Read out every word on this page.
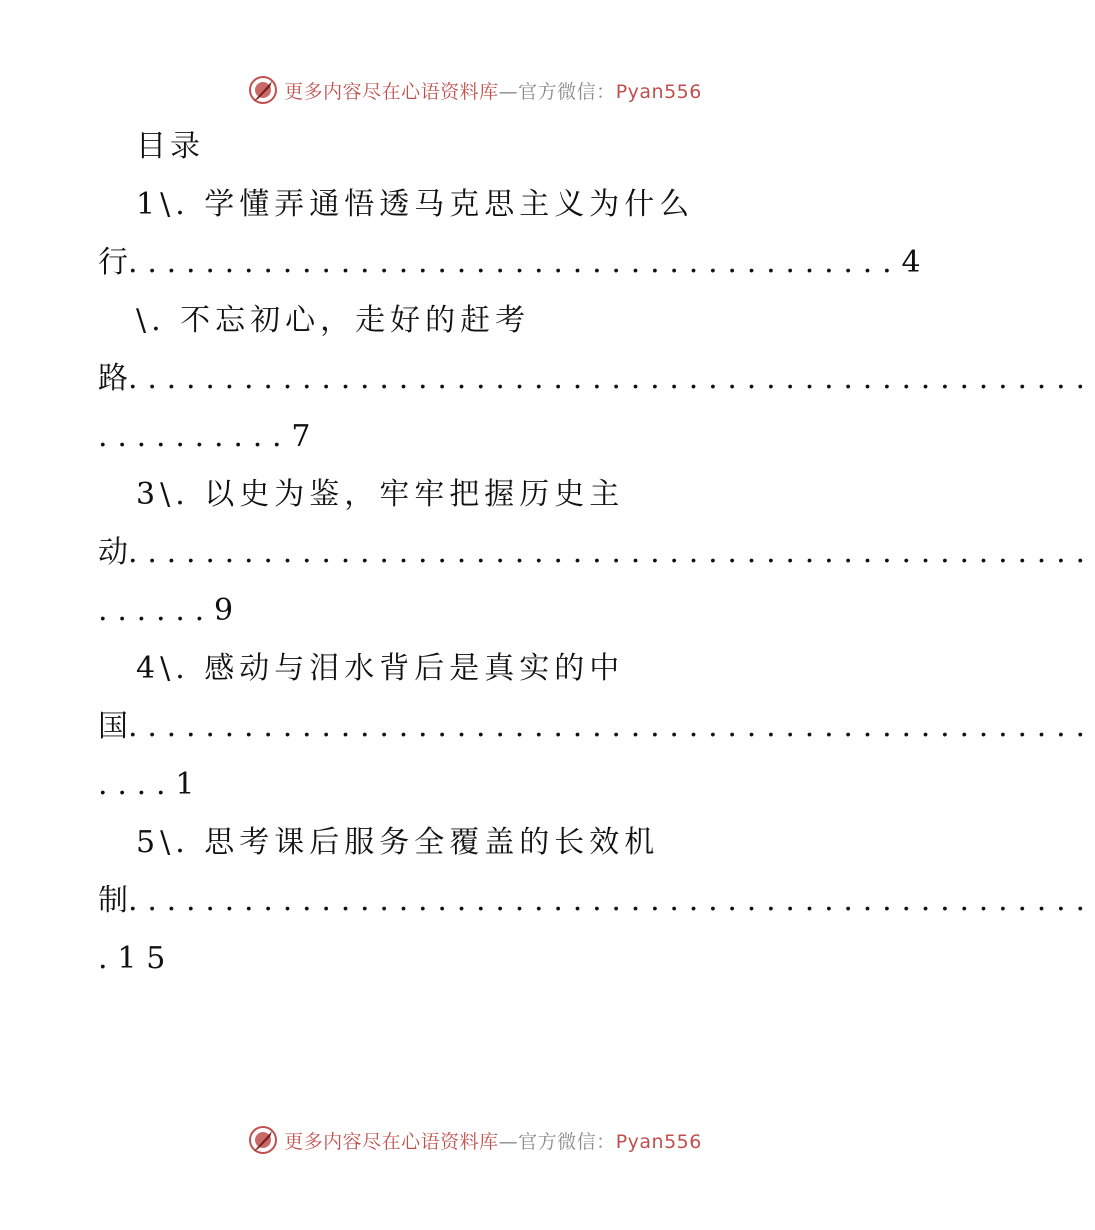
更多内容尽在心语资料库—官方微信：Pyan556
目录
1\. 学懂弄通悟透马克思主义为什么
行 ........................................ 4
\. 不忘初心，走好的赶考
路 ..................................................
..........7
3\. 以史为鉴，牢牢把握历史主
动 ..................................................
......9
4\. 感动与泪水背后是真实的中
国 ..................................................
....1
5\. 思考课后服务全覆盖的长效机
制 ..................................................
.15
更多内容尽在心语资料库—官方微信：Pyan556
